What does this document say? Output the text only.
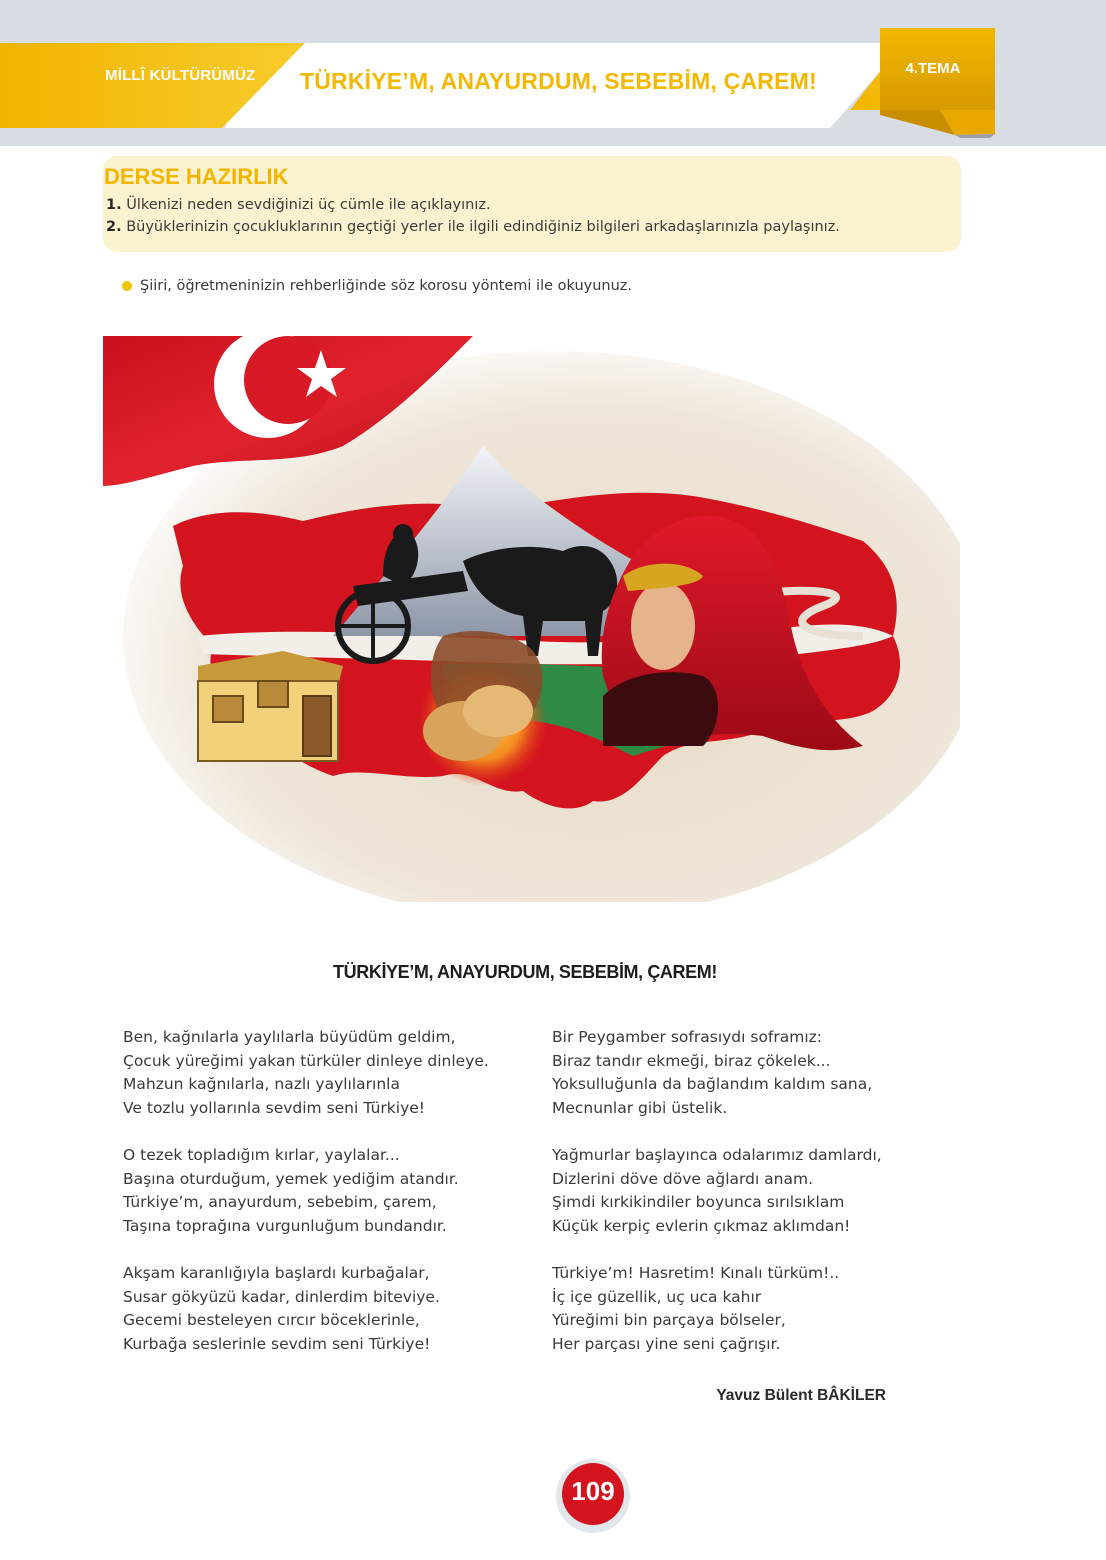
MİLLÎ KÜLTÜRÜMÜZ	TÜRKİYE’M, ANAYURDUM, SEBEBİM, ÇAREM!	4.TEMA
DERSE HAZIRLIK
1. Ülkenizi neden sevdiğinizi üç cümle ile açıklayınız.
2. Büyüklerinizin çocukluklarının geçtiği yerler ile ilgili edindiğiniz bilgileri arkadaşlarınızla paylaşınız.
Şiiri, öğretmeninizin rehberliğinde söz korosu yöntemi ile okuyunuz.
TÜRKİYE’M, ANAYURDUM, SEBEBİM, ÇAREM!
Ben, kağnılarla yaylılarla büyüdüm geldim,
Çocuk yüreğimi yakan türküler dinleye dinleye.
Mahzun kağnılarla, nazlı yaylılarınla
Ve tozlu yollarınla sevdim seni Türkiye!
O tezek topladığım kırlar, yaylalar...
Başına oturduğum, yemek yediğim atandır.
Türkiye’m, anayurdum, sebebim, çarem,
Taşına toprağına vurgunluğum bundandır.
Akşam karanlığıyla başlardı kurbağalar,
Susar gökyüzü kadar, dinlerdim biteviye.
Gecemi besteleyen cırcır böceklerinle,
Kurbağa seslerinle sevdim seni Türkiye!
Bir Peygamber sofrasıydı soframız:
Biraz tandır ekmeği, biraz çökelek...
Yoksulluğunla da bağlandım kaldım sana,
Mecnunlar gibi üstelik.
Yağmurlar başlayınca odalarımız damlardı,
Dizlerini döve döve ağlardı anam.
Şimdi kırkikindiler boyunca sırılsıklam
Küçük kerpiç evlerin çıkmaz aklımdan!
Türkiye’m! Hasretim! Kınalı türküm!..
İç içe güzellik, uç uca kahır
Yüreğimi bin parçaya bölseler,
Her parçası yine seni çağrışır.
Yavuz Bülent BÂKİLER
109
